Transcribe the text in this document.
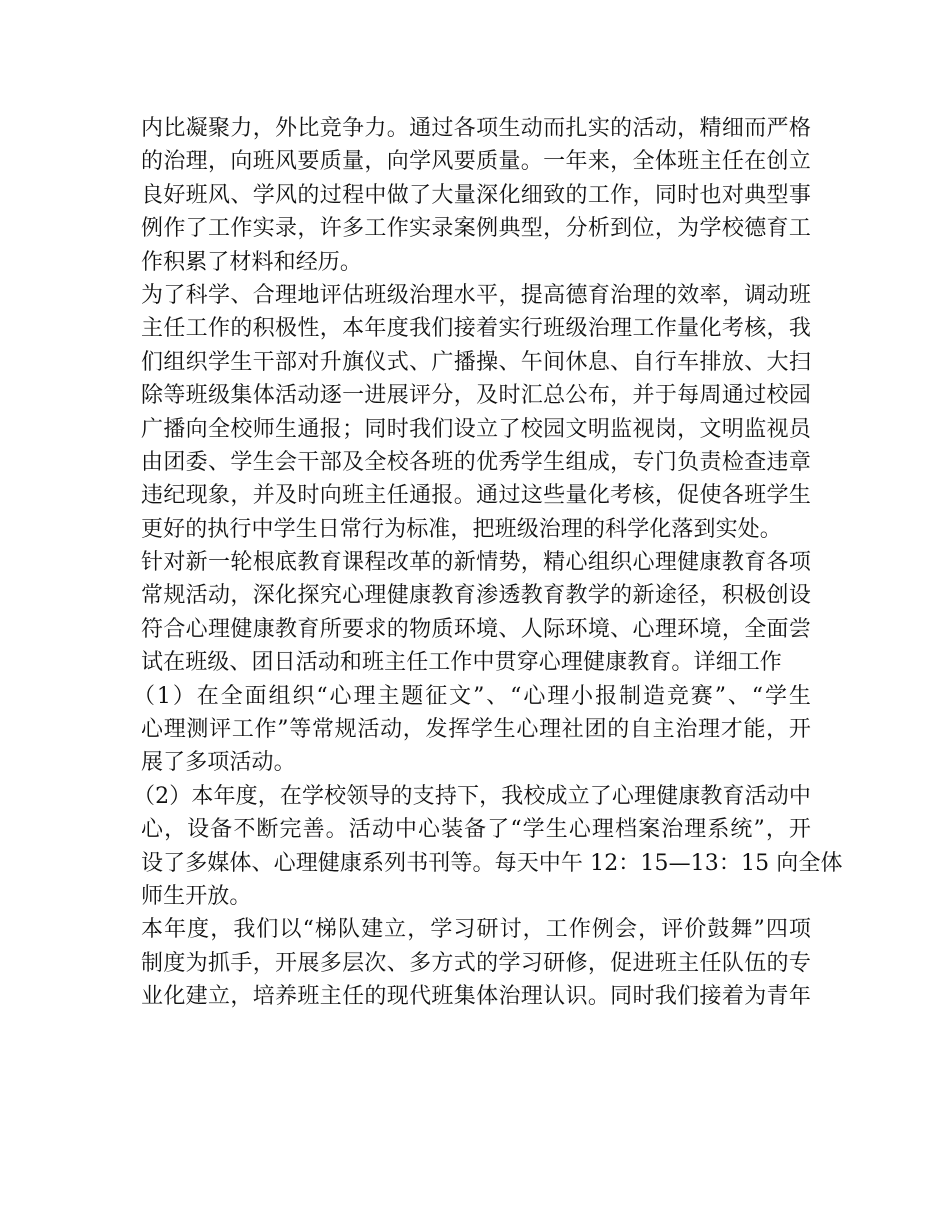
内比凝聚力，外比竞争力。通过各项生动而扎实的活动，精细而严格
的治理，向班风要质量，向学风要质量。一年来，全体班主任在创立
良好班风、学风的过程中做了大量深化细致的工作，同时也对典型事
例作了工作实录，许多工作实录案例典型，分析到位，为学校德育工
作积累了材料和经历。
为了科学、合理地评估班级治理水平，提高德育治理的效率，调动班
主任工作的积极性，本年度我们接着实行班级治理工作量化考核，我
们组织学生干部对升旗仪式、广播操、午间休息、自行车排放、大扫
除等班级集体活动逐一进展评分，及时汇总公布，并于每周通过校园
广播向全校师生通报；同时我们设立了校园文明监视岗，文明监视员
由团委、学生会干部及全校各班的优秀学生组成，专门负责检查违章
违纪现象，并及时向班主任通报。通过这些量化考核，促使各班学生
更好的执行中学生日常行为标准，把班级治理的科学化落到实处。
针对新一轮根底教育课程改革的新情势，精心组织心理健康教育各项
常规活动，深化探究心理健康教育渗透教育教学的新途径，积极创设
符合心理健康教育所要求的物质环境、人际环境、心理环境，全面尝
试在班级、团日活动和班主任工作中贯穿心理健康教育。详细工作
（1）在全面组织“心理主题征文”、“心理小报制造竞赛”、“学生
心理测评工作”等常规活动，发挥学生心理社团的自主治理才能，开
展了多项活动。
（2）本年度，在学校领导的支持下，我校成立了心理健康教育活动中
心，设备不断完善。活动中心装备了“学生心理档案治理系统”，开
设了多媒体、心理健康系列书刊等。每天中午 12：15—13：15 向全体
师生开放。
本年度，我们以“梯队建立，学习研讨，工作例会，评价鼓舞”四项
制度为抓手，开展多层次、多方式的学习研修，促进班主任队伍的专
业化建立，培养班主任的现代班集体治理认识。同时我们接着为青年
